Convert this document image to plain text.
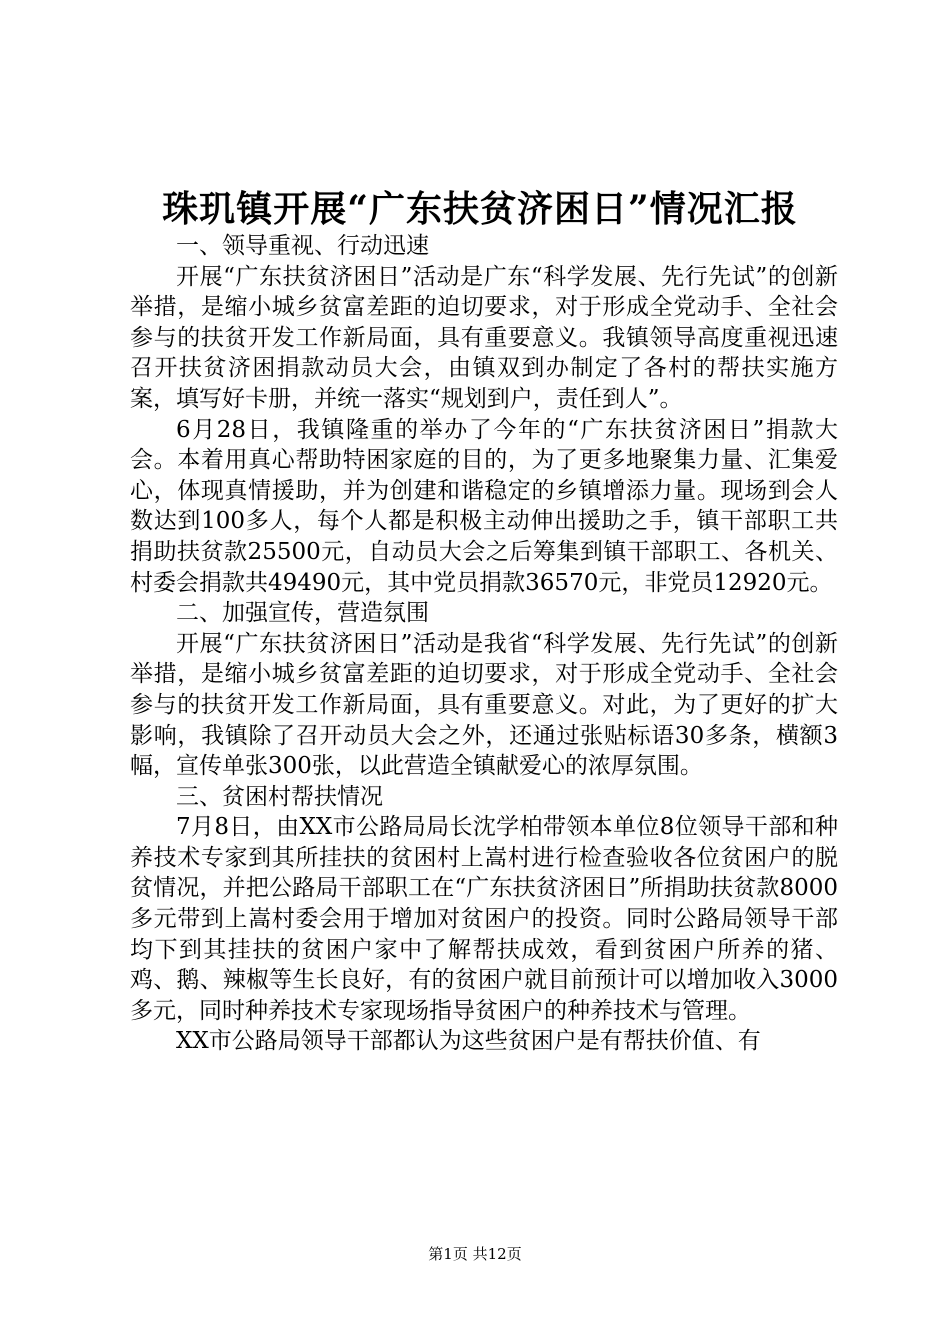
珠玑镇开展“广东扶贫济困日”情况汇报

一、领导重视、行动迅速

开展“广东扶贫济困日”活动是广东“科学发展、先行先试”的创新举措，是缩小城乡贫富差距的迫切要求，对于形成全党动手、全社会参与的扶贫开发工作新局面，具有重要意义。我镇领导高度重视迅速召开扶贫济困捐款动员大会，由镇双到办制定了各村的帮扶实施方案，填写好卡册，并统一落实“规划到户，责任到人”。

6月28日，我镇隆重的举办了今年的“广东扶贫济困日”捐款大会。本着用真心帮助特困家庭的目的，为了更多地聚集力量、汇集爱心，体现真情援助，并为创建和谐稳定的乡镇增添力量。现场到会人数达到100多人，每个人都是积极主动伸出援助之手，镇干部职工共捐助扶贫款25500元，自动员大会之后筹集到镇干部职工、各机关、村委会捐款共49490元，其中党员捐款36570元，非党员12920元。

二、加强宣传，营造氛围

开展“广东扶贫济困日”活动是我省“科学发展、先行先试”的创新举措，是缩小城乡贫富差距的迫切要求，对于形成全党动手、全社会参与的扶贫开发工作新局面，具有重要意义。对此，为了更好的扩大影响，我镇除了召开动员大会之外，还通过张贴标语30多条，横额3幅，宣传单张300张，以此营造全镇献爱心的浓厚氛围。

三、贫困村帮扶情况

7月8日，由XX市公路局局长沈学柏带领本单位8位领导干部和种养技术专家到其所挂扶的贫困村上嵩村进行检查验收各位贫困户的脱贫情况，并把公路局干部职工在“广东扶贫济困日”所捐助扶贫款8000多元带到上嵩村委会用于增加对贫困户的投资。同时公路局领导干部均下到其挂扶的贫困户家中了解帮扶成效，看到贫困户所养的猪、鸡、鹅、辣椒等生长良好，有的贫困户就目前预计可以增加收入3000多元，同时种养技术专家现场指导贫困户的种养技术与管理。

XX市公路局领导干部都认为这些贫困户是有帮扶价值、有

第1页 共12页
